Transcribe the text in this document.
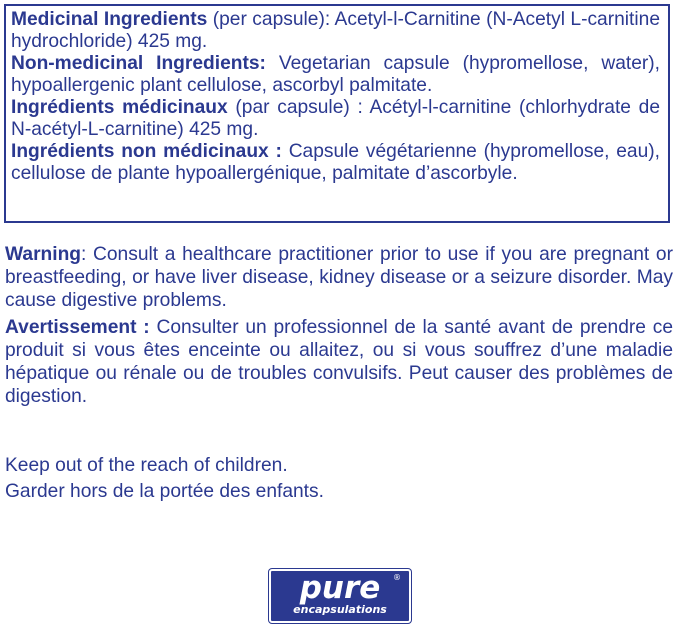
Medicinal Ingredients (per capsule): Acetyl-l-Carnitine (N-Acetyl L-carnitine hydrochloride) 425 mg.

Non-medicinal Ingredients: Vegetarian capsule (hypromellose, water), hypoallergenic plant cellulose, ascorbyl palmitate.

Ingrédients médicinaux (par capsule) : Acétyl-l-carnitine (chlorhydrate de N-acétyl-L-carnitine) 425 mg.

Ingrédients non médicinaux : Capsule végétarienne (hypromellose, eau), cellulose de plante hypoallergénique, palmitate d’ascorbyle.

Warning: Consult a healthcare practitioner prior to use if you are pregnant or breastfeeding, or have liver disease, kidney disease or a seizure disorder. May cause digestive problems.

Avertissement : Consulter un professionnel de la santé avant de prendre ce produit si vous êtes enceinte ou allaitez, ou si vous souffrez d’une maladie hépatique ou rénale ou de troubles convulsifs. Peut causer des problèmes de digestion.

Keep out of the reach of children.

Garder hors de la portée des enfants.

pure
encapsulations
®
